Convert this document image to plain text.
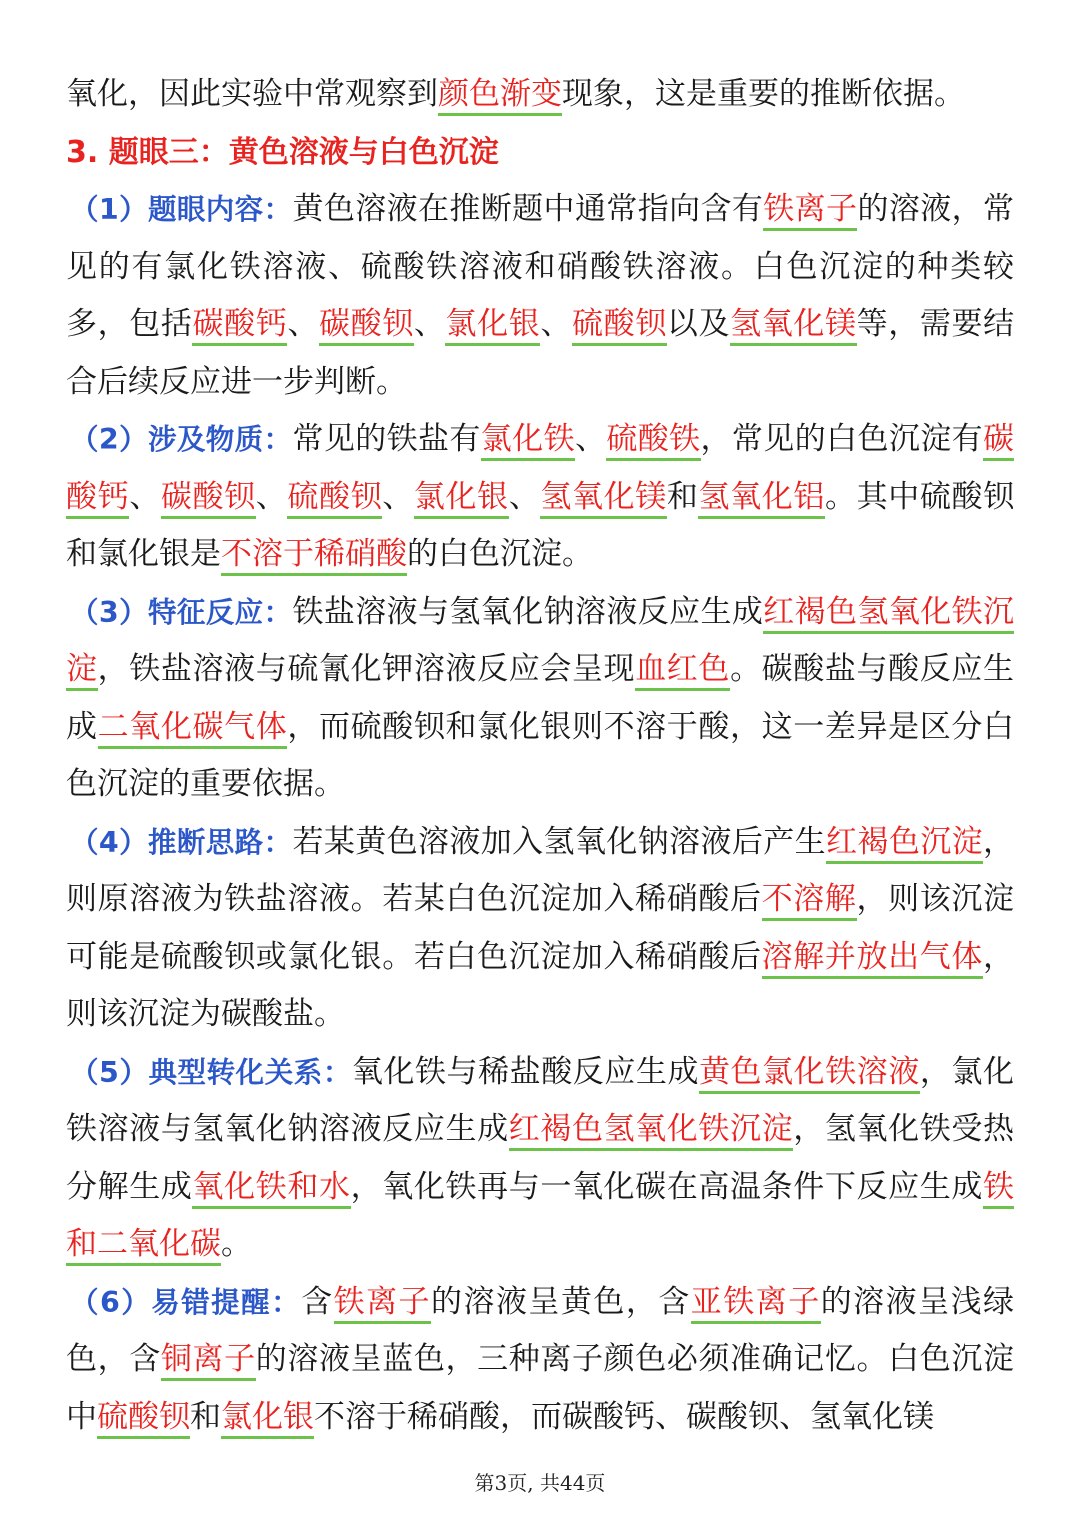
氧化，因此实验中常观察到颜色渐变现象，这是重要的推断依据。

3. 题眼三：黄色溶液与白色沉淀

（1）题眼内容：黄色溶液在推断题中通常指向含有铁离子的溶液，常见的有氯化铁溶液、硫酸铁溶液和硝酸铁溶液。白色沉淀的种类较多，包括碳酸钙、碳酸钡、氯化银、硫酸钡以及氢氧化镁等，需要结合后续反应进一步判断。

（2）涉及物质：常见的铁盐有氯化铁、硫酸铁，常见的白色沉淀有碳酸钙、碳酸钡、硫酸钡、氯化银、氢氧化镁和氢氧化铝。其中硫酸钡和氯化银是不溶于稀硝酸的白色沉淀。

（3）特征反应：铁盐溶液与氢氧化钠溶液反应生成红褐色氢氧化铁沉淀，铁盐溶液与硫氰化钾溶液反应会呈现血红色。碳酸盐与酸反应生成二氧化碳气体，而硫酸钡和氯化银则不溶于酸，这一差异是区分白色沉淀的重要依据。

（4）推断思路：若某黄色溶液加入氢氧化钠溶液后产生红褐色沉淀，则原溶液为铁盐溶液。若某白色沉淀加入稀硝酸后不溶解，则该沉淀可能是硫酸钡或氯化银。若白色沉淀加入稀硝酸后溶解并放出气体，则该沉淀为碳酸盐。

（5）典型转化关系：氧化铁与稀盐酸反应生成黄色氯化铁溶液，氯化铁溶液与氢氧化钠溶液反应生成红褐色氢氧化铁沉淀，氢氧化铁受热分解生成氧化铁和水，氧化铁再与一氧化碳在高温条件下反应生成铁和二氧化碳。

（6）易错提醒：含铁离子的溶液呈黄色，含亚铁离子的溶液呈浅绿色，含铜离子的溶液呈蓝色，三种离子颜色必须准确记忆。白色沉淀中硫酸钡和氯化银不溶于稀硝酸，而碳酸钙、碳酸钡、氢氧化镁

第3页, 共44页
